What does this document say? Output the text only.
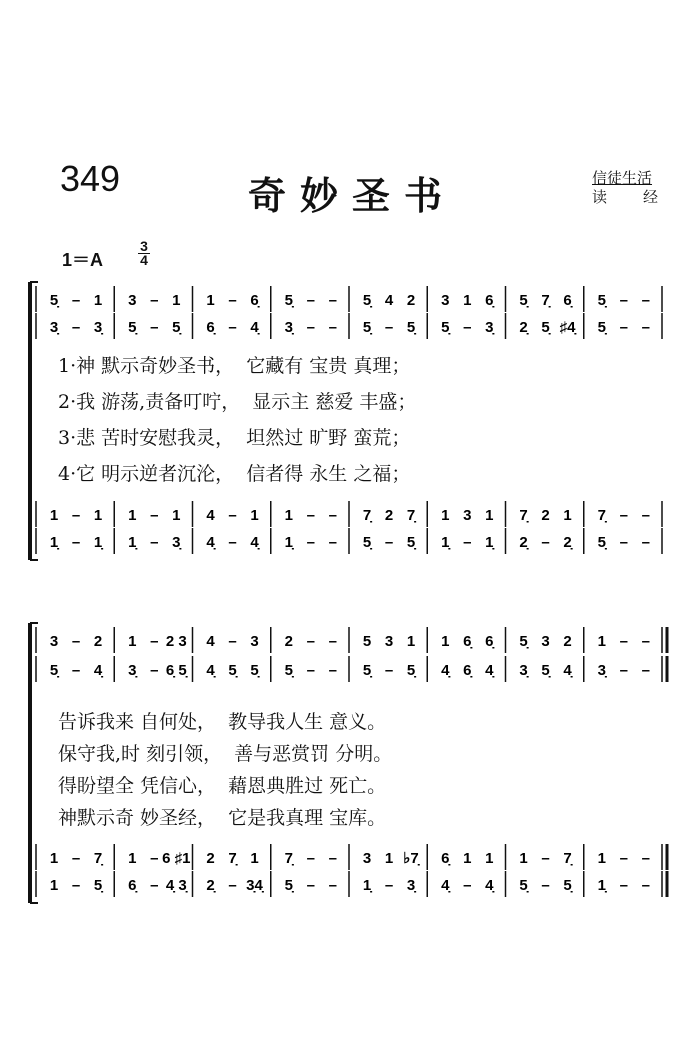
349	奇妙圣书	信徒生活
读 经
1＝A
3
4
5̣ – 1 3 – 1 1 – 6̣ 5̣ – – 5̣ 4 2 3 1 6̣ 5̣ 7̣ 6̣ 5̣ – –
3̣ – 3̣ 5̣ – 5̣ 6̣ – 4̣ 3̣ – – 5̣ – 5̣ 5̣ – 3̣ 2̣ 5̣ ♯4̣ 5̣ – –
1 – 1 1 – 1 4 – 1 1 – – 7̣ 2 7̣ 1 3 1 7̣ 2 1 7̣ – –
1̣ – 1̣ 1̣ – 3̣ 4̣ – 4̣ 1̣ – – 5̣ – 5̣ 1̣ – 1̣ 2̣ – 2̣ 5̣ – –
1·神 默示奇妙圣书，  它藏有 宝贵 真理；
2·我 游荡,责备叮咛，  显示主 慈爱 丰盛；
3·悲 苦时安慰我灵，  坦然过 旷野 蛮荒；
4·它 明示逆者沉沦，  信者得 永生 之福；
3 – 2 1 – 2 3 4 – 3 2 – – 5 3 1 1 6̣ 6̣ 5̣ 3 2 1 – –
5̣ – 4̣ 3̣ – 6̣ 5̣ 4̣ 5̣ 5̣ 5̣ – – 5̣ – 5̣ 4̣ 6̣ 4̣ 3̣ 5̣ 4̣ 3̣ – –
1 – 7̣ 1 – 6 ♯1 2 7̣ 1 7̣ – – 3 1 ♭7̣ 6̣ 1 1 1 – 7̣ 1 – –
1 – 5̣ 6̣ – 4̣ 3̣ 2̣ – 3̣4̣ 5̣ – – 1̣ – 3̣ 4̣ – 4̣ 5̣ – 5̣ 1̣ – –
告诉我来 自何处，  教导我人生 意义。
保守我,时 刻引领，  善与恶赏罚 分明。
得盼望全 凭信心，  藉恩典胜过 死亡。
神默示奇 妙圣经，  它是我真理 宝库。
